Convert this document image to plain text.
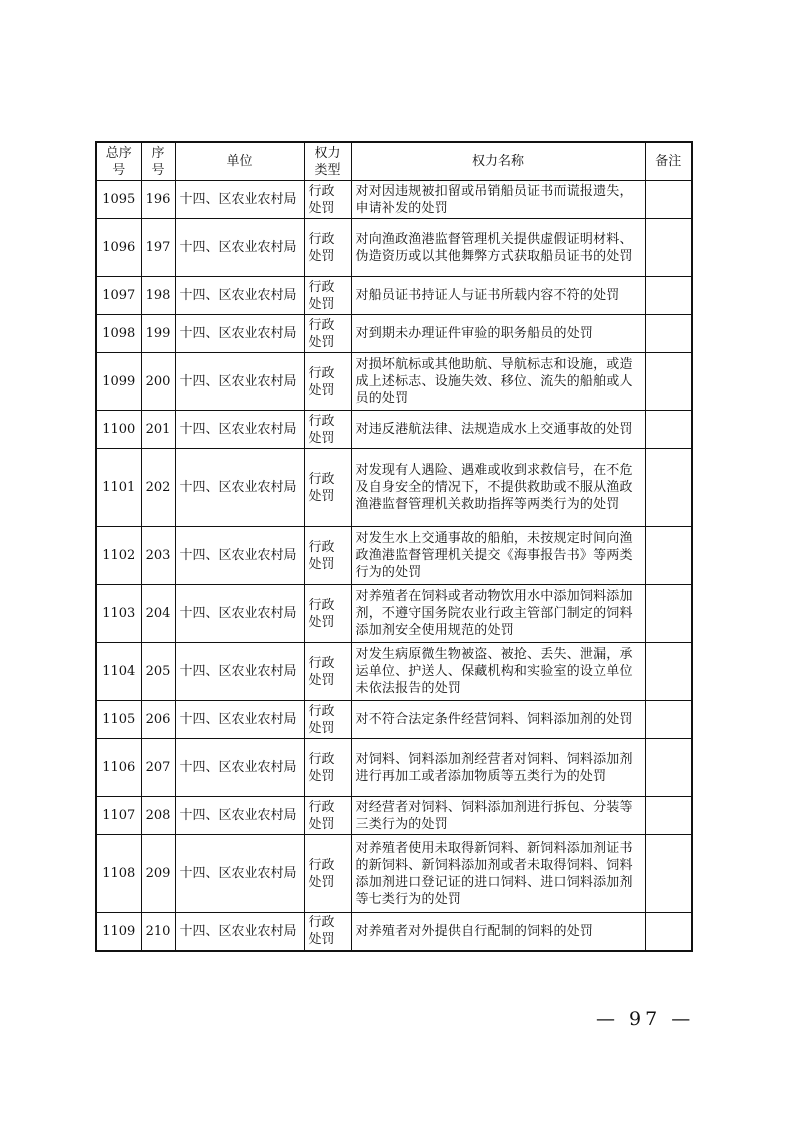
总序号	序号	单位	权力类型	权力名称	备注
1095	196	十四、区农业农村局	行政处罚	对对因违规被扣留或吊销船员证书而谎报遗失，申请补发的处罚	
1096	197	十四、区农业农村局	行政处罚	对向渔政渔港监督管理机关提供虚假证明材料、伪造资历或以其他舞弊方式获取船员证书的处罚	
1097	198	十四、区农业农村局	行政处罚	对船员证书持证人与证书所载内容不符的处罚	
1098	199	十四、区农业农村局	行政处罚	对到期未办理证件审验的职务船员的处罚	
1099	200	十四、区农业农村局	行政处罚	对损坏航标或其他助航、导航标志和设施，或造成上述标志、设施失效、移位、流失的船舶或人员的处罚	
1100	201	十四、区农业农村局	行政处罚	对违反港航法律、法规造成水上交通事故的处罚	
1101	202	十四、区农业农村局	行政处罚	对发现有人遇险、遇难或收到求救信号，在不危及自身安全的情况下，不提供救助或不服从渔政渔港监督管理机关救助指挥等两类行为的处罚	
1102	203	十四、区农业农村局	行政处罚	对发生水上交通事故的船舶，未按规定时间向渔政渔港监督管理机关提交《海事报告书》等两类行为的处罚	
1103	204	十四、区农业农村局	行政处罚	对养殖者在饲料或者动物饮用水中添加饲料添加剂，不遵守国务院农业行政主管部门制定的饲料添加剂安全使用规范的处罚	
1104	205	十四、区农业农村局	行政处罚	对发生病原微生物被盗、被抢、丢失、泄漏，承运单位、护送人、保藏机构和实验室的设立单位未依法报告的处罚	
1105	206	十四、区农业农村局	行政处罚	对不符合法定条件经营饲料、饲料添加剂的处罚	
1106	207	十四、区农业农村局	行政处罚	对饲料、饲料添加剂经营者对饲料、饲料添加剂进行再加工或者添加物质等五类行为的处罚	
1107	208	十四、区农业农村局	行政处罚	对经营者对饲料、饲料添加剂进行拆包、分装等三类行为的处罚	
1108	209	十四、区农业农村局	行政处罚	对养殖者使用未取得新饲料、新饲料添加剂证书的新饲料、新饲料添加剂或者未取得饲料、饲料添加剂进口登记证的进口饲料、进口饲料添加剂等七类行为的处罚	
1109	210	十四、区农业农村局	行政处罚	对养殖者对外提供自行配制的饲料的处罚	
— 97 —
